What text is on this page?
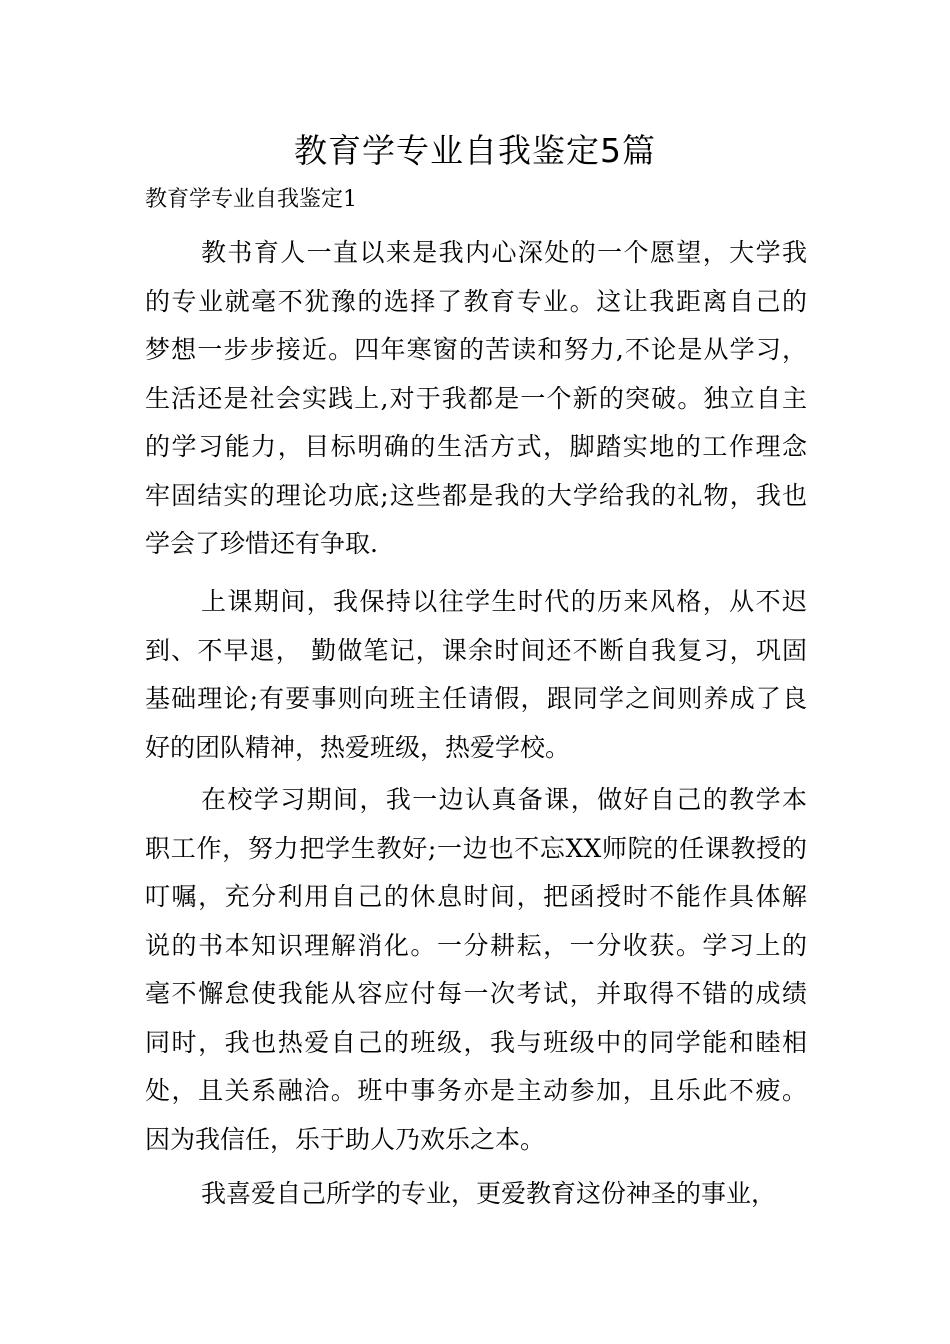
教育学专业自我鉴定5篇
教育学专业自我鉴定1
教书育人一直以来是我内心深处的一个愿望，大学我
的专业就毫不犹豫的选择了教育专业。这让我距离自己的
梦想一步步接近。四年寒窗的苦读和努力,不论是从学习，
生活还是社会实践上,对于我都是一个新的突破。独立自主
的学习能力，目标明确的生活方式，脚踏实地的工作理念
牢固结实的理论功底;这些都是我的大学给我的礼物，我也
学会了珍惜还有争取.
上课期间，我保持以往学生时代的历来风格，从不迟
到、不早退， 勤做笔记，课余时间还不断自我复习，巩固
基础理论;有要事则向班主任请假，跟同学之间则养成了良
好的团队精神，热爱班级，热爱学校。
在校学习期间，我一边认真备课，做好自己的教学本
职工作，努力把学生教好;一边也不忘XX师院的任课教授的
叮嘱，充分利用自己的休息时间，把函授时不能作具体解
说的书本知识理解消化。一分耕耘，一分收获。学习上的
毫不懈怠使我能从容应付每一次考试，并取得不错的成绩
同时，我也热爱自己的班级，我与班级中的同学能和睦相
处，且关系融洽。班中事务亦是主动参加，且乐此不疲。
因为我信任，乐于助人乃欢乐之本。
我喜爱自己所学的专业，更爱教育这份神圣的事业，
